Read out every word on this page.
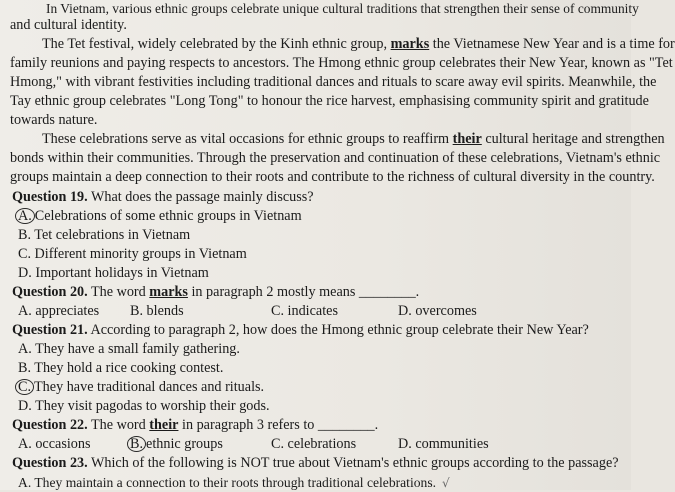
In Vietnam, various ethnic groups celebrate unique cultural traditions that strengthen their sense of community
and cultural identity.
The Tet festival, widely celebrated by the Kinh ethnic group, marks the Vietnamese New Year and is a time for
family reunions and paying respects to ancestors. The Hmong ethnic group celebrates their New Year, known as "Tet
Hmong," with vibrant festivities including traditional dances and rituals to scare away evil spirits. Meanwhile, the
Tay ethnic group celebrates "Long Tong" to honour the rice harvest, emphasising community spirit and gratitude
towards nature.
These celebrations serve as vital occasions for ethnic groups to reaffirm their cultural heritage and strengthen
bonds within their communities. Through the preservation and continuation of these celebrations, Vietnam's ethnic
groups maintain a deep connection to their roots and contribute to the richness of cultural diversity in the country.
Question 19. What does the passage mainly discuss?
A. Celebrations of some ethnic groups in Vietnam
B. Tet celebrations in Vietnam
C. Different minority groups in Vietnam
D. Important holidays in Vietnam
Question 20. The word marks in paragraph 2 mostly means ________.
A. appreciates B. blends	C. indicates	D. overcomes
Question 21. According to paragraph 2, how does the Hmong ethnic group celebrate their New Year?
A. They have a small family gathering.
B. They hold a rice cooking contest.
C. They have traditional dances and rituals.
D. They visit pagodas to worship their gods.
Question 22. The word their in paragraph 3 refers to ________.
A. occasions	B. ethnic groups	C. celebrations	D. communities
Question 23. Which of the following is NOT true about Vietnam's ethnic groups according to the passage?
A. They maintain a connection to their roots through traditional celebrations. √
